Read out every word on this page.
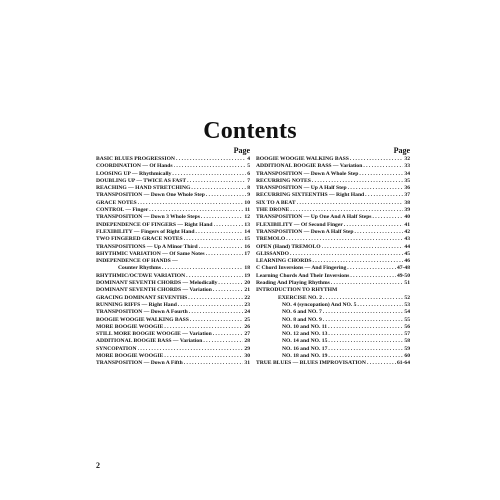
Contents
Page
BASIC BLUES PROGRESSION . . .	4
COORDINATION — Of Hands . . .	5
LOOSING UP — Rhythmically . . .	6
DOUBLING UP — TWICE AS FAST . . .	7
REACHING — HAND STRETCHING . . .	8
TRANSPOSITION — Down One Whole Step . . .	9
GRACE NOTES . . .	10
CONTROL — Finger . . .	11
TRANSPOSITION — Down 3 Whole Steps . . .	12
INDEPENDENCE OF FINGERS — Right Hand . . .	13
FLEXIBILITY — Fingers of Right Hand . . .	14
TWO FINGERED GRACE NOTES . . .	15
TRANSPOSITIONS — Up A Minor Third . . .	16
RHYTHMIC VARIATION — Of Same Notes . . .	17
INDEPENDENCE OF HANDS —
Counter Rhythms . . .	18
RHYTHMIC/OCTAVE VARIATION . . .	19
DOMINANT SEVENTH CHORDS — Melodically . . .	20
DOMINANT SEVENTH CHORDS — Variation . . .	21
GRACING DOMINANT SEVENTHS . . .	22
RUNNING RIFFS — Right Hand . . .	23
TRANSPOSITION — Down A Fourth . . .	24
BOOGIE WOOGIE WALKING BASS . . .	25
MORE BOOGIE WOOGIE . . .	26
STILL MORE BOOGIE WOOGIE — Variation . . .	27
ADDITIONAL BOOGIE BASS — Variation . . .	28
SYNCOPATION . . .	29
MORE BOOGIE WOOGIE . . .	30
TRANSPOSITION — Down A Fifth . . .	31
Page
BOOGIE WOOGIE WALKING BASS . . .	32
ADDITIONAL BOOGIE BASS — Variation . . .	33
TRANSPOSITION — Down A Whole Step . . .	34
RECURRING NOTES . . .	35
TRANSPOSITION — Up A Half Step . . .	36
RECURRING SIXTEENTHS — Right Hand . . .	37
SIX TO A BEAT . . .	38
THE DRONE . . .	39
TRANSPOSITION — Up One And A Half Steps . . .	40
FLEXIBILITY — Of Second Finger . . .	41
TRANSPOSITION — Down A Half Step . . .	42
TREMOLO . . .	43
OPEN (Hand) TREMOLO . . .	44
GLISSANDO . . .	45
LEARNING CHORDS . . .	46
C Chord Inversions — And Fingering . . .	47-48
Learning Chords And Their Inversions . . .	49-50
Reading And Playing Rhythms . . .	51
INTRODUCTION TO RHYTHM
EXERCISE NO. 2 . . .	52
NO. 4 (syncopation) And NO. 5 . . .	53
NO. 6 and NO. 7 . . .	54
NO. 8 and NO. 9 . . .	55
NO. 10 and NO. 11 . . .	56
NO. 12 and NO. 13 . . .	57
NO. 14 and NO. 15 . . .	58
NO. 16 and NO. 17 . . .	59
NO. 18 and NO. 19 . . .	60
TRUE BLUES — BLUES IMPROVISATION . . .	61-64
2
